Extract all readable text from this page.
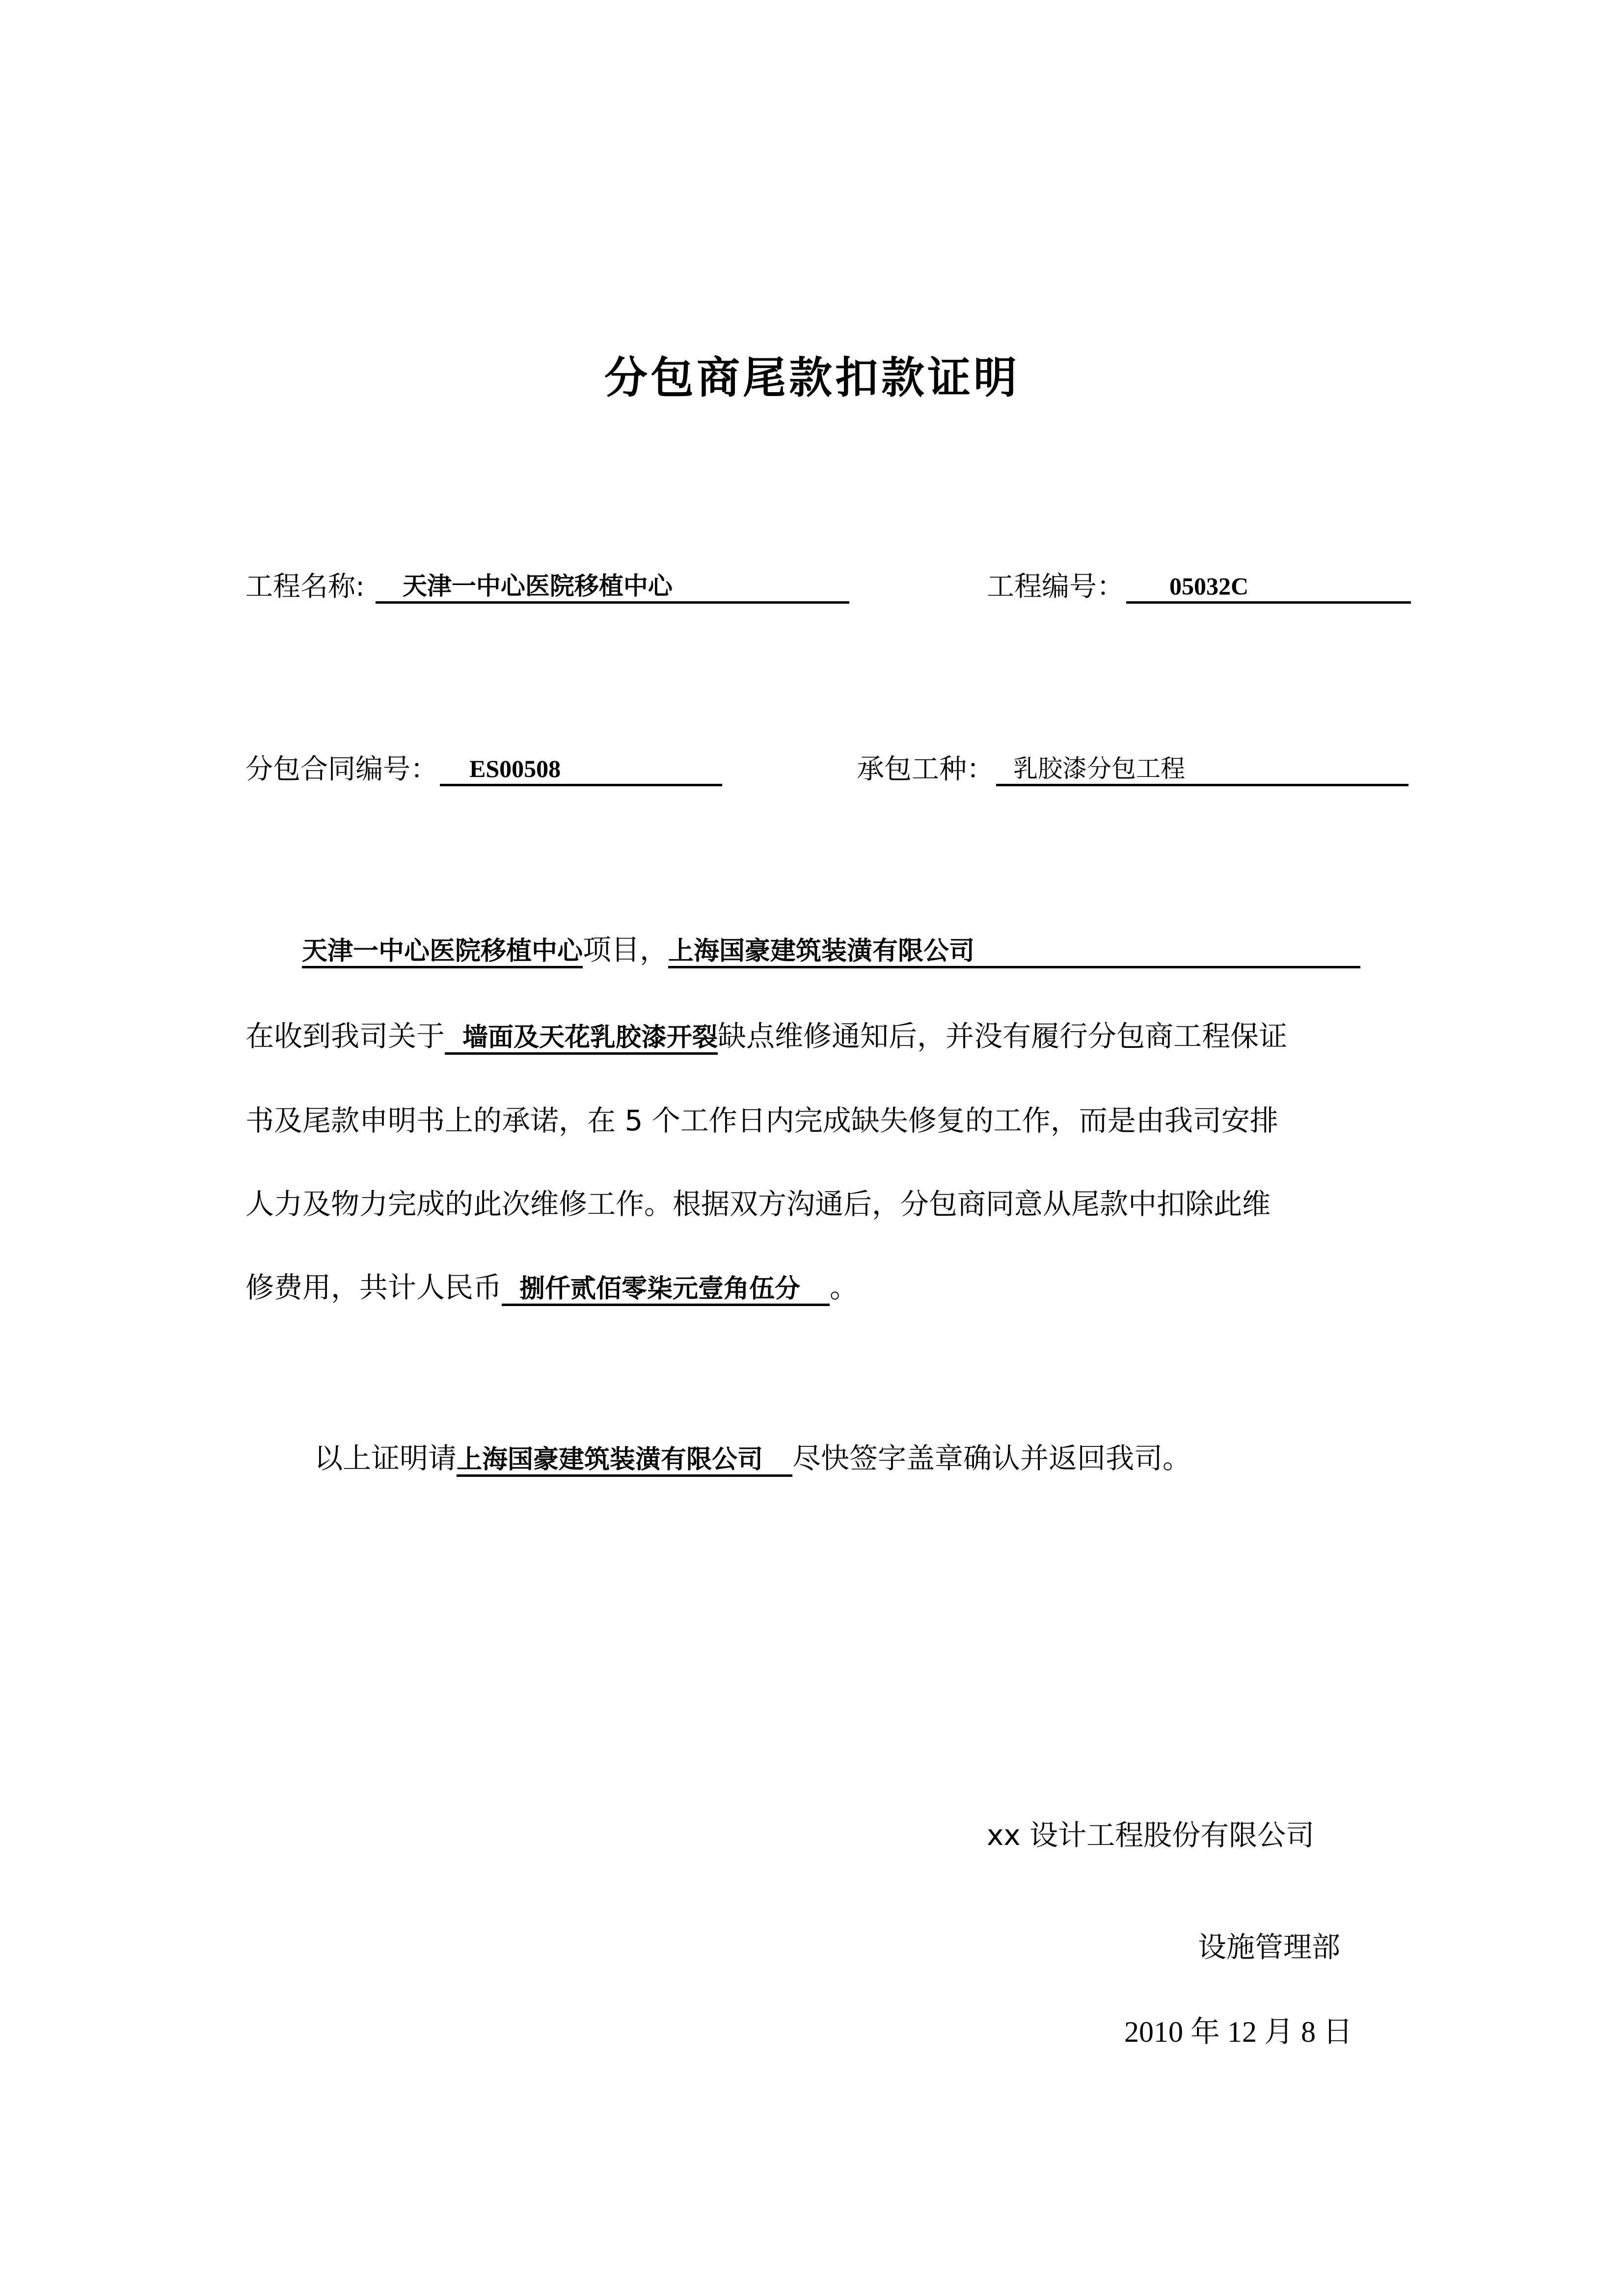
分包商尾款扣款证明
工程名称:	天津一中心医院移植中心	工程编号：	05032C
分包合同编号：	ES00508	承包工种： 乳胶漆分包工程
天津一中心医院移植中心项目，上海国豪建筑装潢有限公司
在收到我司关于 墙面及天花乳胶漆开裂缺点维修通知后，并没有履行分包商工程保证
书及尾款申明书上的承诺，在 5 个工作日内完成缺失修复的工作，而是由我司安排
人力及物力完成的此次维修工作。根据双方沟通后，分包商同意从尾款中扣除此维
修费用，共计人民币 捌仟贰佰零柒元壹角伍分 。
以上证明请上海国豪建筑装潢有限公司 尽快签字盖章确认并返回我司。
xx 设计工程股份有限公司
设施管理部
2010 年 12 月 8 日
